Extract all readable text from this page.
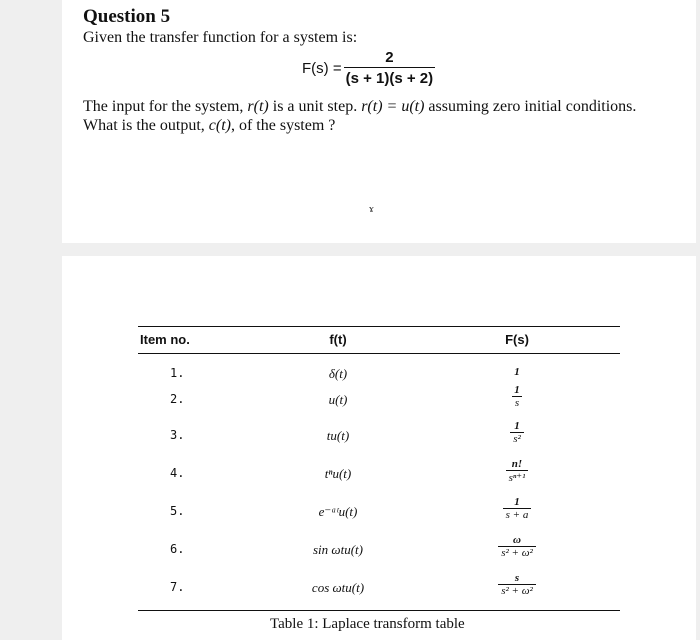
Question 5
Given the transfer function for a system is:
$F(s) = \frac{2}{(s + 1)(s + 2)}$
The input for the system, r(t) is a unit step. r(t) = u(t) assuming zero initial conditions.
What is the output, c(t), of the system ?
ɤ
Item no.	f(t)	F(s)
1.	δ(t)	1
2.	u(t)	$\frac{1}{s}$
3.	tu(t)	$\frac{1}{\text{s²}}$
4.	tⁿu(t)	$\frac{n!}{\text{sⁿ⁺¹}}$
5.	e⁻ᵃᵗu(t)	$\frac{1}{s + a}$
6.	sin ωtu(t)	$\frac{\omega}{\text{s² + ω²}}$
7.	cos ωtu(t)	$\frac{s}{\text{s² + ω²}}$
Table 1: Laplace transform table
